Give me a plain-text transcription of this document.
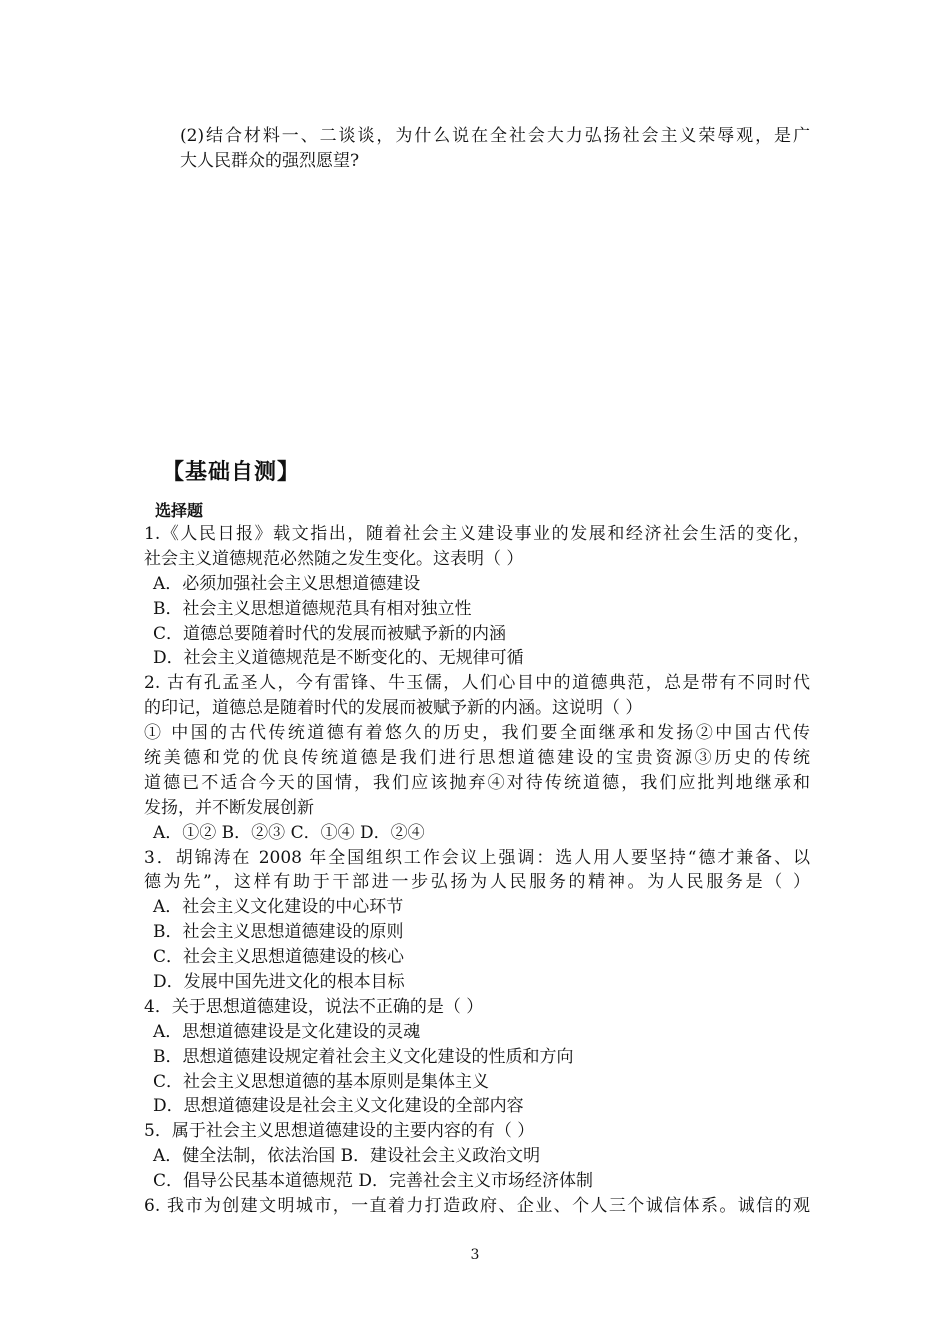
(2)结合材料一、二谈谈，为什么说在全社会大力弘扬社会主义荣辱观，是广
大人民群众的强烈愿望?
【基础自测】
选择题
1.《人民日报》载文指出，随着社会主义建设事业的发展和经济社会生活的变化，
社会主义道德规范必然随之发生变化。这表明（ ）
A．必须加强社会主义思想道德建设
B．社会主义思想道德规范具有相对独立性
C．道德总要随着时代的发展而被赋予新的内涵
D．社会主义道德规范是不断变化的、无规律可循
2. 古有孔孟圣人，今有雷锋、牛玉儒，人们心目中的道德典范，总是带有不同时代
的印记，道德总是随着时代的发展而被赋予新的内涵。这说明（ ）
① 中国的古代传统道德有着悠久的历史，我们要全面继承和发扬②中国古代传
统美德和党的优良传统道德是我们进行思想道德建设的宝贵资源③历史的传统
道德已不适合今天的国情，我们应该抛弃④对待传统道德，我们应批判地继承和
发扬，并不断发展创新
A．①② B．②③ C．①④ D．②④
3．胡锦涛在 2008 年全国组织工作会议上强调：选人用人要坚持“德才兼备、以
德为先”，这样有助于干部进一步弘扬为人民服务的精神。为人民服务是（ ）
A．社会主义文化建设的中心环节
B．社会主义思想道德建设的原则
C．社会主义思想道德建设的核心
D．发展中国先进文化的根本目标
4．关于思想道德建设，说法不正确的是（ ）
A．思想道德建设是文化建设的灵魂
B．思想道德建设规定着社会主义文化建设的性质和方向
C．社会主义思想道德的基本原则是集体主义
D．思想道德建设是社会主义文化建设的全部内容
5．属于社会主义思想道德建设的主要内容的有（ ）
A．健全法制，依法治国 B．建设社会主义政治文明
C．倡导公民基本道德规范 D．完善社会主义市场经济体制
6. 我市为创建文明城市，一直着力打造政府、企业、个人三个诚信体系。诚信的观
3
